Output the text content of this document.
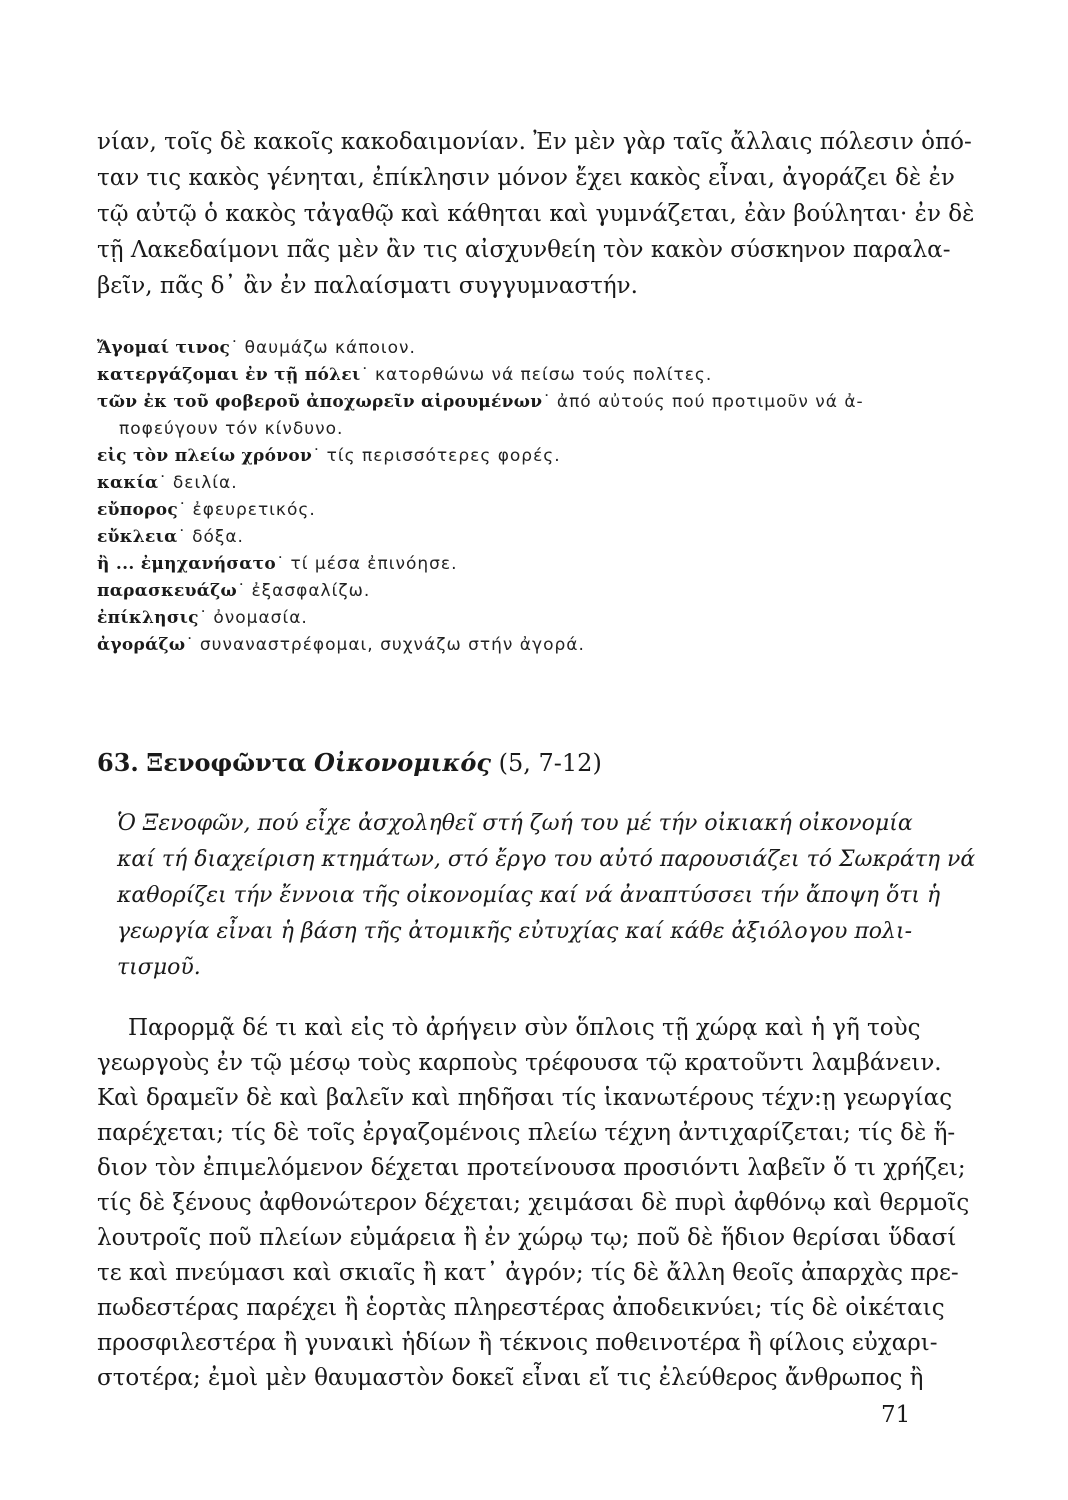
νίαν, τοῖς δὲ κακοῖς κακοδαιμονίαν. Ἐν μὲν γὰρ ταῖς ἄλλαις πόλεσιν ὁπό-
ταν τις κακὸς γένηται, ἐπίκλησιν μόνον ἔχει κακὸς εἶναι, ἀγοράζει δὲ ἐν
τῷ αὐτῷ ὁ κακὸς τἀγαθῷ καὶ κάθηται καὶ γυμνάζεται, ἐὰν βούληται· ἐν δὲ
τῇ Λακεδαίμονι πᾶς μὲν ἂν τις αἰσχυνθείη τὸν κακὸν σύσκηνον παραλα-
βεῖν, πᾶς δ᾽ ἂν ἐν παλαίσματι συγγυμναστήν.
Ἄγομαί τινος˙ θαυμάζω κάποιον.
κατεργάζομαι ἐν τῇ πόλει˙ κατορθώνω νά πείσω τούς πολίτες.
τῶν ἐκ τοῦ φοβεροῦ ἀποχωρεῖν αἱρουμένων˙ ἀπό αὐτούς πού προτιμοῦν νά ἀ-
ποφεύγουν τόν κίνδυνο.
εἰς τὸν πλείω χρόνον˙ τίς περισσότερες φορές.
κακία˙ δειλία.
εὔπορος˙ ἐφευρετικός.
εὔκλεια˙ δόξα.
ἢ ... ἐμηχανήσατο˙ τί μέσα ἐπινόησε.
παρασκευάζω˙ ἐξασφαλίζω.
ἐπίκλησις˙ ὀνομασία.
ἀγοράζω˙ συναναστρέφομαι, συχνάζω στήν ἀγορά.
63. Ξενοφῶντα Οἰκονομικός (5, 7-12)
Ὁ Ξενοφῶν, πού εἶχε ἀσχοληθεῖ στή ζωή του μέ τήν οἰκιακή οἰκονομία
καί τή διαχείριση κτημάτων, στό ἔργο του αὐτό παρουσιάζει τό Σωκράτη νά
καθορίζει τήν ἔννοια τῆς οἰκονομίας καί νά ἀναπτύσσει τήν ἄποψη ὅτι ἡ
γεωργία εἶναι ἡ βάση τῆς ἀτομικῆς εὐτυχίας καί κάθε ἀξιόλογου πολι-
τισμοῦ.
Παρορμᾷ δέ τι καὶ εἰς τὸ ἀρήγειν σὺν ὅπλοις τῇ χώρᾳ καὶ ἡ γῆ τοὺς
γεωργοὺς ἐν τῷ μέσῳ τοὺς καρποὺς τρέφουσα τῷ κρατοῦντι λαμβάνειν.
Καὶ δραμεῖν δὲ καὶ βαλεῖν καὶ πηδῆσαι τίς ἱκανωτέρους τέχν:ῃ γεωργίας
παρέχεται; τίς δὲ τοῖς ἐργαζομένοις πλείω τέχνη ἀντιχαρίζεται; τίς δὲ ἥ-
διον τὸν ἐπιμελόμενον δέχεται προτείνουσα προσιόντι λαβεῖν ὅ τι χρήζει;
τίς δὲ ξένους ἀφθονώτερον δέχεται; χειμάσαι δὲ πυρὶ ἀφθόνῳ καὶ θερμοῖς
λουτροῖς ποῦ πλείων εὐμάρεια ἢ ἐν χώρῳ τῳ; ποῦ δὲ ἥδιον θερίσαι ὕδασί
τε καὶ πνεύμασι καὶ σκιαῖς ἢ κατ᾽ ἀγρόν; τίς δὲ ἄλλη θεοῖς ἀπαρχὰς πρε-
πωδεστέρας παρέχει ἢ ἑορτὰς πληρεστέρας ἀποδεικνύει; τίς δὲ οἰκέταις
προσφιλεστέρα ἢ γυναικὶ ἡδίων ἢ τέκνοις ποθεινοτέρα ἢ φίλοις εὐχαρι-
στοτέρα; ἐμοὶ μὲν θαυμαστὸν δοκεῖ εἶναι εἴ τις ἐλεύθερος ἄνθρωπος ἢ
71
